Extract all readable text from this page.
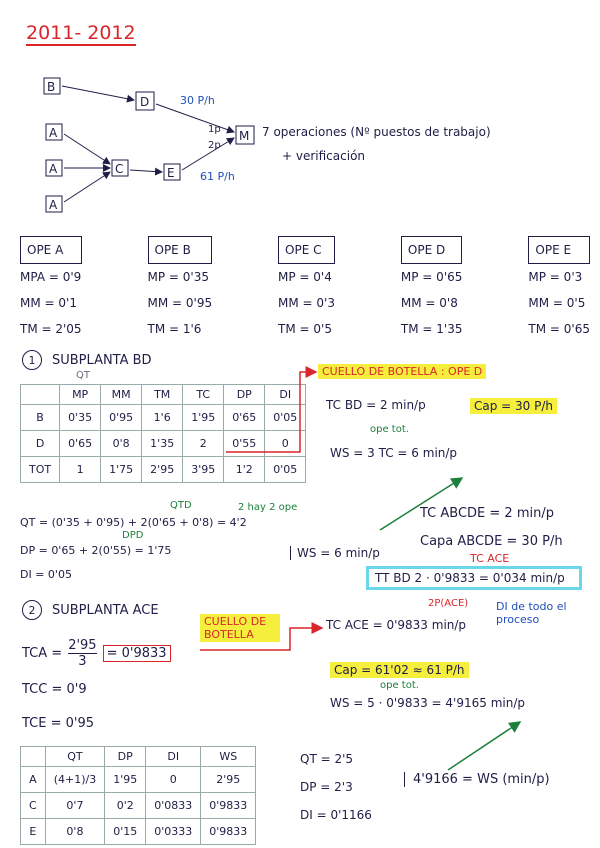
2011- 2012
B
D
A
A	C	E
A
M
30 P/h
61 P/h
1p
2p
7 operaciones (Nº puestos de trabajo)
+ verificación
OPE A
MPA = 0'9
MM = 0'1
TM = 2'05
OPE B
MP = 0'35
MM = 0'95
TM = 1'6
OPE C
MP = 0'4
MM = 0'3
TM = 0'5
OPE D
MP = 0'65
MM = 0'8
TM = 1'35
OPE E
MP = 0'3
MM = 0'5
TM = 0'65
1	SUBPLANTA BD
QT
	MP	MM	TM	TC	DP	DI
B	0'35	0'95	1'6	1'95	0'65	0'05
D	0'65	0'8	1'35	2	0'55	0
TOT	1	1'75	2'95	3'95	1'2	0'05
QT = (0'35 + 0'95) + 2(0'65 + 0'8) = 4'2
QTD	2 hay 2 ope
DPD
DP = 0'65 + 2(0'55) = 1'75
DI = 0'05
WS = 6 min/p
CUELLO DE BOTELLA : OPE D
TC BD = 2 min/p	Cap = 30 P/h
ope tot.
WS = 3 TC = 6 min/p
TC ABCDE = 2 min/p
Capa ABCDE = 30 P/h
TC ACE
TT BD 2 · 0'9833 = 0'034 min/p
2P(ACE)	DI de todo el proceso
2	SUBPLANTA ACE
CUELLO DE BOTELLA
TCA = $\frac{2'95}{3} = 0'9833$
TC ACE = 0'9833 min/p
Cap = 61'02 ≈ 61 P/h
ope tot.
WS = 5 · 0'9833 = 4'9165 min/p
TCC = 0'9
TCE = 0'95
	QT	DP	DI	WS
A	(4+1)/3	1'95	0	2'95
C	0'7	0'2	0'0833	0'9833
E	0'8	0'15	0'0333	0'9833
QT = 2'5
DP = 2'3
DI = 0'1166
4'9166 = WS (min/p)
